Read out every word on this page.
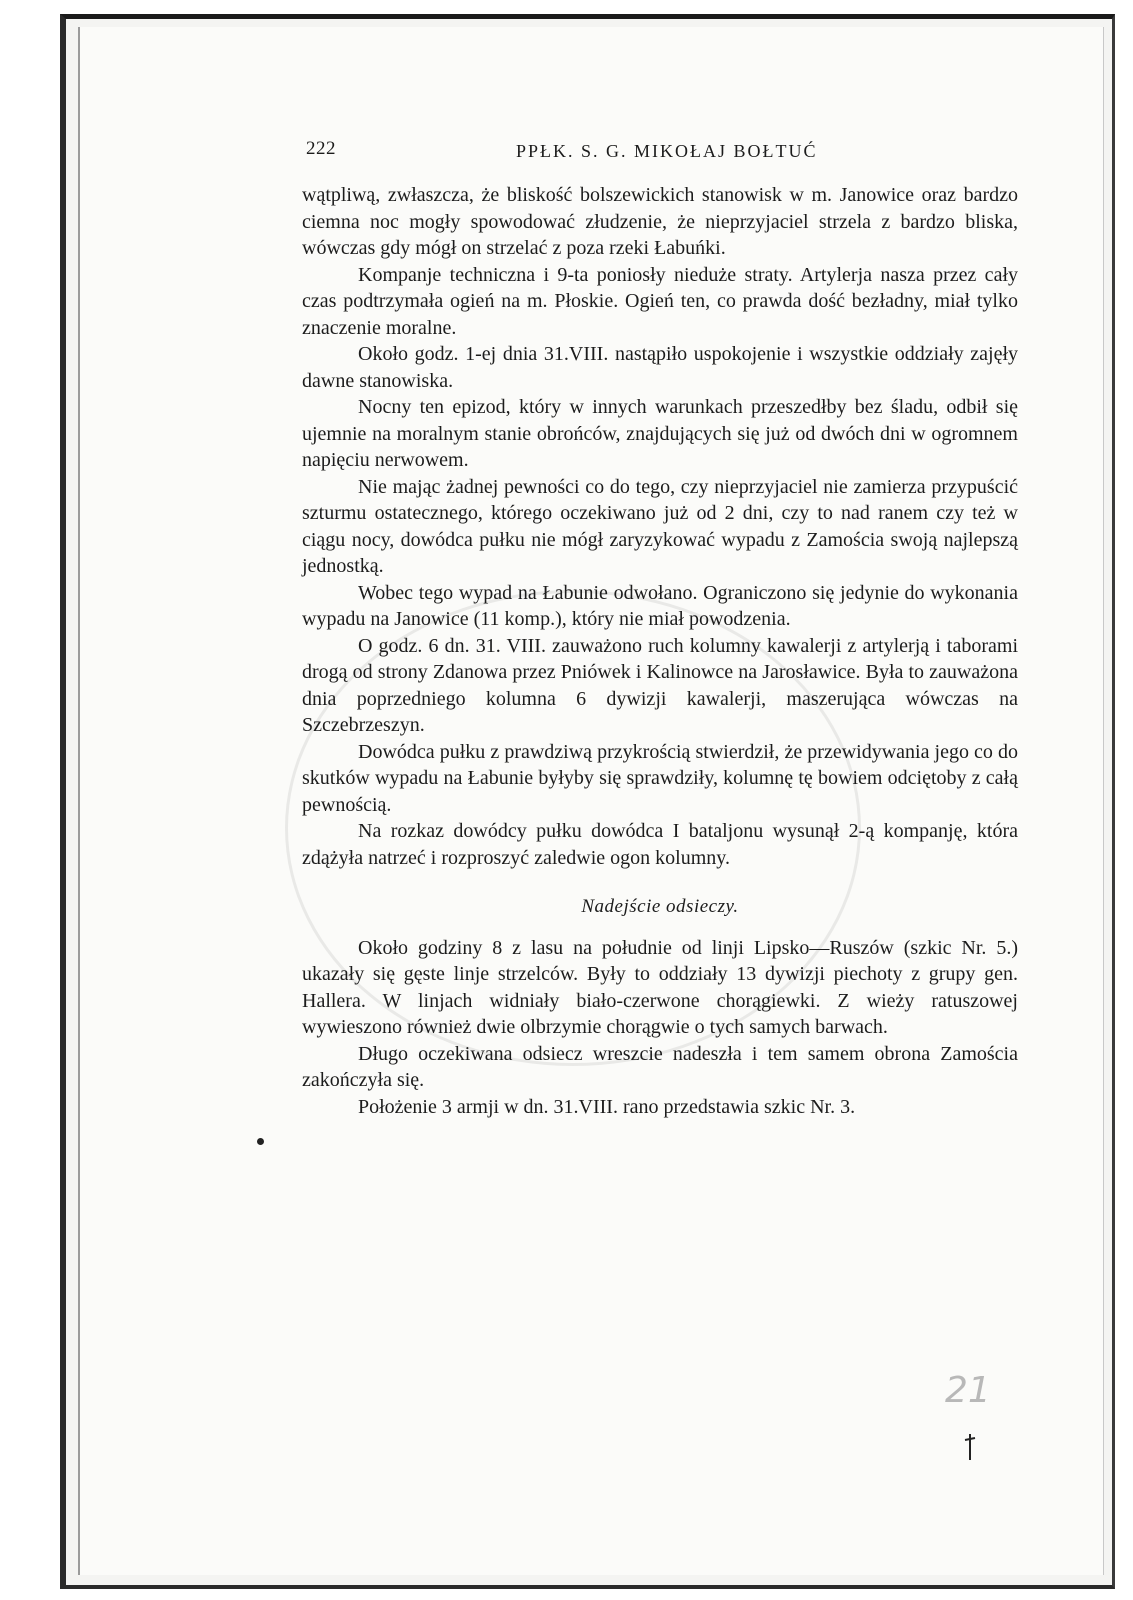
222	PPŁK. S. G. MIKOŁAJ BOŁTUĆ

wątpliwą, zwłaszcza, że bliskość bolszewickich stanowisk w m. Janowice oraz bardzo ciemna noc mogły spowodować złudzenie, że nieprzyjaciel strzela z bardzo bliska, wówczas gdy mógł on strzelać z poza rzeki Łabuńki.

Kompanje techniczna i 9-ta poniosły nieduże straty. Artylerja nasza przez cały czas podtrzymała ogień na m. Płoskie. Ogień ten, co prawda dość bezładny, miał tylko znaczenie moralne.

Około godz. 1-ej dnia 31.VIII. nastąpiło uspokojenie i wszystkie oddziały zajęły dawne stanowiska.

Nocny ten epizod, który w innych warunkach przeszedłby bez śladu, odbił się ujemnie na moralnym stanie obrońców, znajdujących się już od dwóch dni w ogromnem napięciu nerwowem.

Nie mając żadnej pewności co do tego, czy nieprzyjaciel nie zamierza przypuścić szturmu ostatecznego, którego oczekiwano już od 2 dni, czy to nad ranem czy też w ciągu nocy, dowódca pułku nie mógł zaryzykować wypadu z Zamościa swoją najlepszą jednostką.

Wobec tego wypad na Łabunie odwołano. Ograniczono się jedynie do wykonania wypadu na Janowice (11 komp.), który nie miał powodzenia.

O godz. 6 dn. 31. VIII. zauważono ruch kolumny kawalerji z artylerją i taborami drogą od strony Zdanowa przez Pniówek i Kalinowce na Jarosławice. Była to zauważona dnia poprzedniego kolumna 6 dywizji kawalerji, maszerująca wówczas na Szczebrzeszyn.

Dowódca pułku z prawdziwą przykrością stwierdził, że przewidywania jego co do skutków wypadu na Łabunie byłyby się sprawdziły, kolumnę tę bowiem odciętoby z całą pewnością.

Na rozkaz dowódcy pułku dowódca I bataljonu wysunął 2-ą kompanję, która zdążyła natrzeć i rozproszyć zaledwie ogon kolumny.

Nadejście odsieczy.

Około godziny 8 z lasu na południe od linji Lipsko—Ruszów (szkic Nr. 5.) ukazały się gęste linje strzelców. Były to oddziały 13 dywizji piechoty z grupy gen. Hallera. W linjach widniały biało-czerwone chorągiewki. Z wieży ratuszowej wywieszono również dwie olbrzymie chorągwie o tych samych barwach.

Długo oczekiwana odsiecz wreszcie nadeszła i tem samem obrona Zamościa zakończyła się.

Położenie 3 armji w dn. 31.VIII. rano przedstawia szkic Nr. 3.

21
